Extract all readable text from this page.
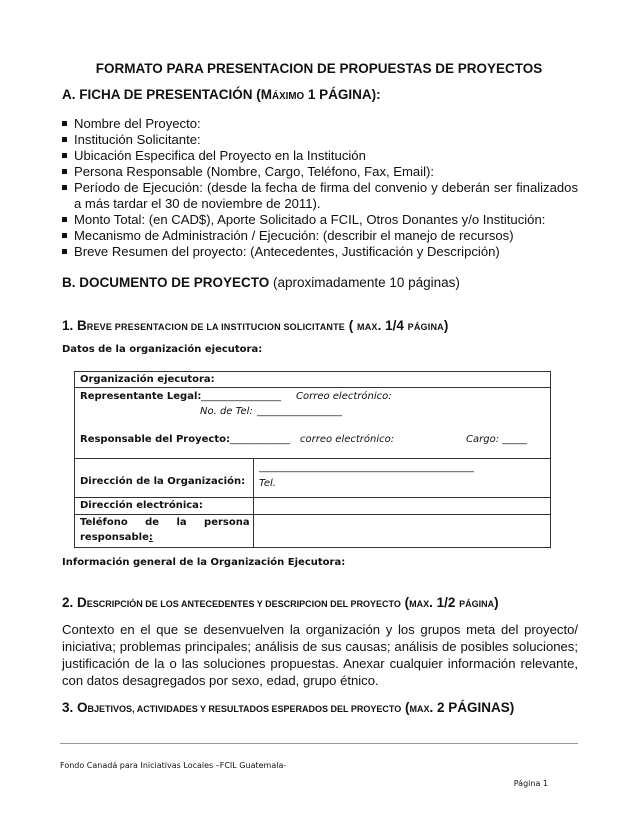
FORMATO PARA PRESENTACION DE PROPUESTAS DE PROYECTOS
A. FICHA DE PRESENTACIÓN (MÁXIMO 1 PÁGINA):
Nombre del Proyecto:
Institución Solicitante:
Ubicación Especifica del Proyecto en la Institución
Persona Responsable (Nombre, Cargo, Teléfono, Fax, Email):
Período de Ejecución: (desde la fecha de firma del convenio y deberán ser finalizados a más tardar el 30 de noviembre de 2011).
Monto Total: (en CAD$), Aporte Solicitado a FCIL, Otros Donantes y/o Institución:
Mecanismo de Administración / Ejecución: (describir el manejo de recursos)
Breve Resumen del proyecto: (Antecedentes, Justificación y Descripción)
B. DOCUMENTO DE PROYECTO (aproximadamente 10 páginas)
1. BREVE PRESENTACION DE LA INSTITUCION SOLICITANTE ( MAX. 1/4 PÁGINA)
Datos de la organización ejecutora:
Organización ejecutora:
Representante Legal: ________________ Correo electrónico:
No. de Tel: _________________
Responsable del Proyecto: ____________ correo electrónico:	Cargo: _____
Dirección de la Organización:
___________________________________________
Tel.
Dirección electrónica:
Teléfono     de     la     persona
responsable:
Información general de la Organización Ejecutora:
2. DESCRIPCIÓN DE LOS ANTECEDENTES Y DESCRIPCION DEL PROYECTO (MAX. 1/2 PÁGINA)
Contexto en el que se desenvuelven la organización y los grupos meta del proyecto/ iniciativa; problemas principales; análisis de sus causas; análisis de posibles soluciones; justificación de la o las soluciones propuestas. Anexar cualquier información relevante, con datos desagregados por sexo, edad, grupo étnico.
3. OBJETIVOS, ACTIVIDADES Y RESULTADOS ESPERADOS DEL PROYECTO (MAX. 2 PÁGINAS)
Fondo Canadá para Iniciativas Locales –FCIL Guatemala-
Página 1
